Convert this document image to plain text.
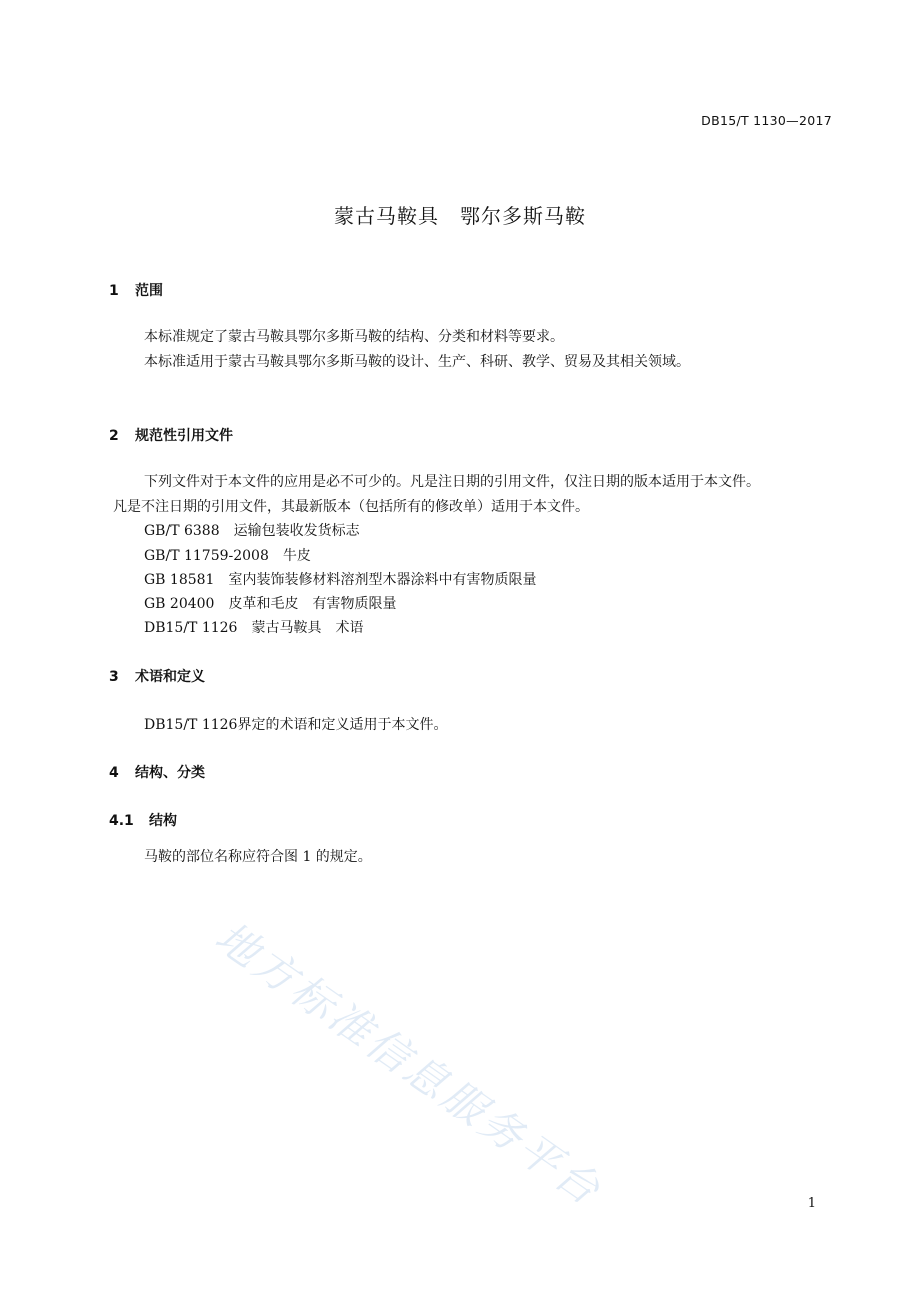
DB15/T 1130—2017
蒙古马鞍具　鄂尔多斯马鞍
1 范围
本标准规定了蒙古马鞍具鄂尔多斯马鞍的结构、分类和材料等要求。
本标准适用于蒙古马鞍具鄂尔多斯马鞍的设计、生产、科研、教学、贸易及其相关领域。
2 规范性引用文件
下列文件对于本文件的应用是必不可少的。凡是注日期的引用文件，仅注日期的版本适用于本文件。
凡是不注日期的引用文件，其最新版本（包括所有的修改单）适用于本文件。
GB/T 6388　 运输包装收发货标志
GB/T 11759-2008　 牛皮
GB 18581　 室内装饰装修材料溶剂型木器涂料中有害物质限量
GB 20400　 皮革和毛皮　有害物质限量
DB15/T 1126　 蒙古马鞍具　术语
3 术语和定义
DB15/T 1126界定的术语和定义适用于本文件。
4 结构、分类
4.1 结构
马鞍的部位名称应符合图 1 的规定。
地方标准信息服务平台	1
